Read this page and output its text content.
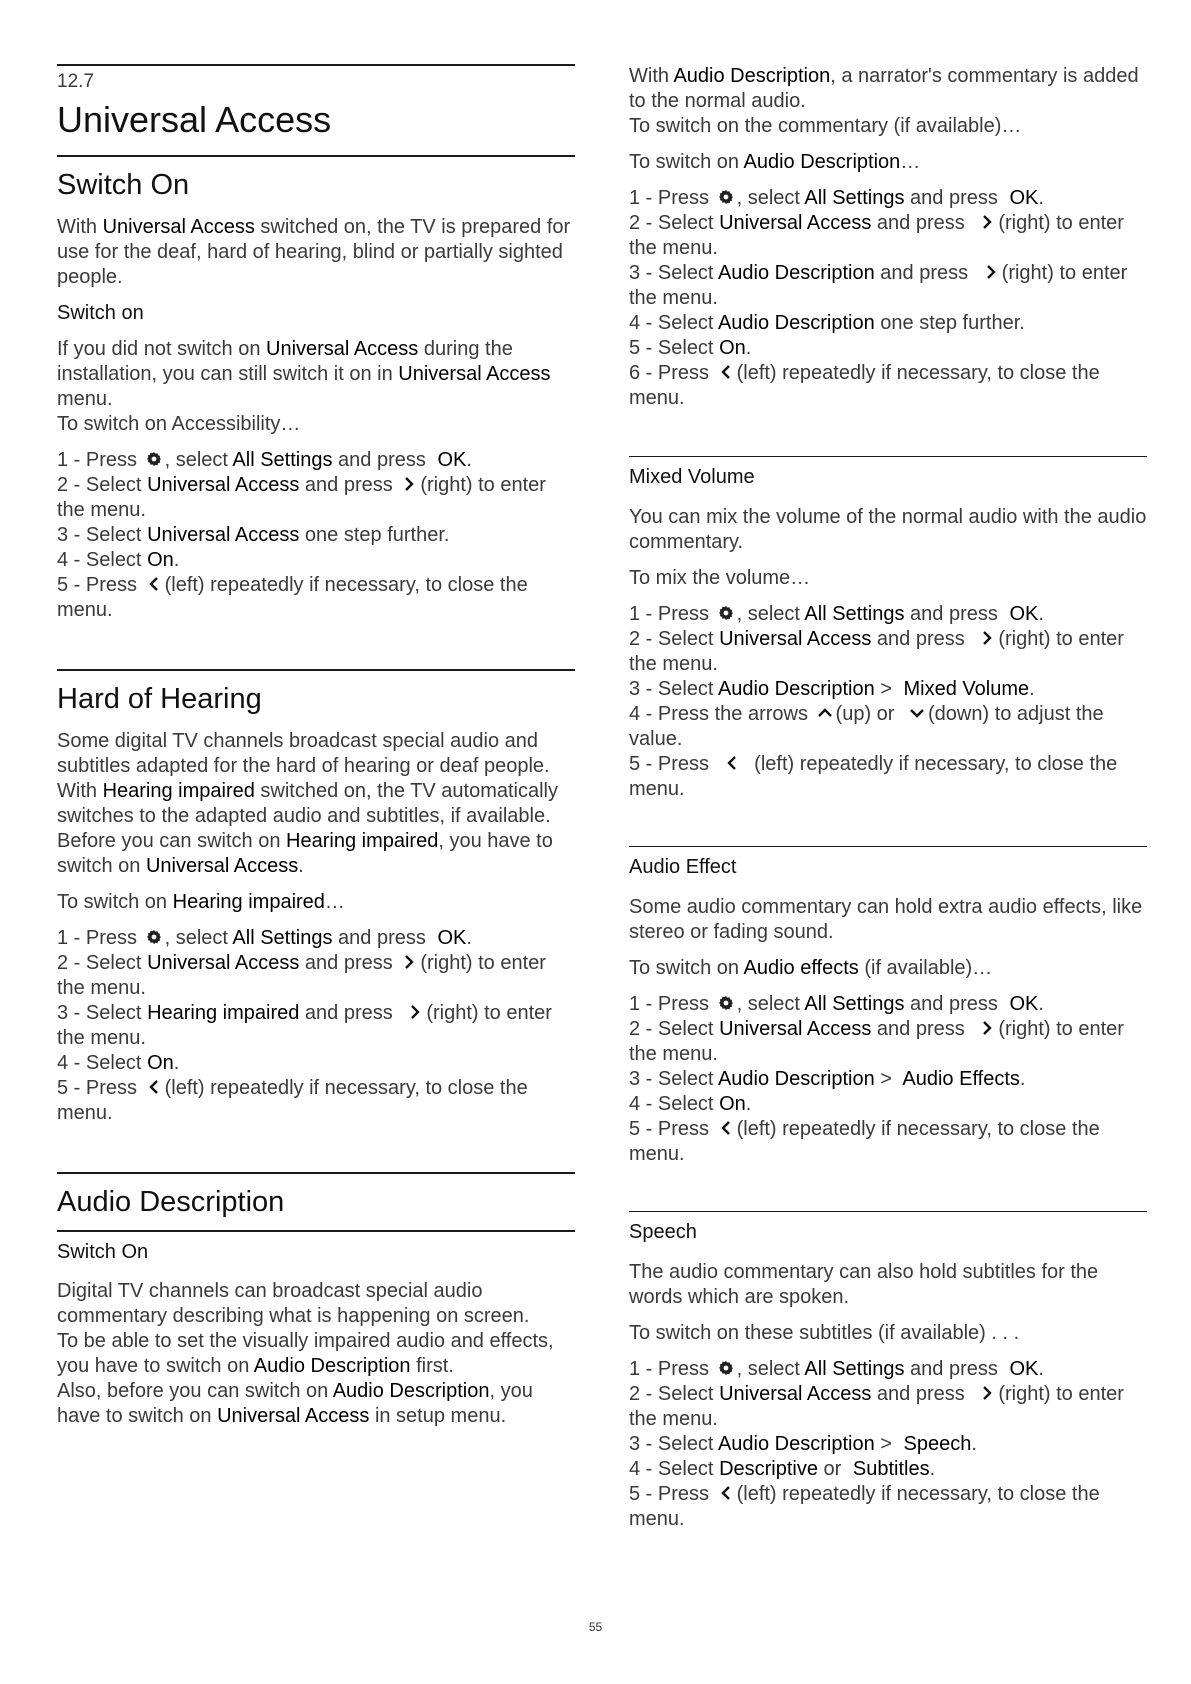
12.7
Universal Access
Switch On

With Universal Access switched on, the TV is prepared for use for the deaf, hard of hearing, blind or partially sighted people.

Switch on

If you did not switch on Universal Access during the installation, you can still switch it on in Universal Access menu.

To switch on Accessibility…

1 - Press , select All Settings and press OK.

2 - Select Universal Access and press (right) to enter the menu.

3 - Select Universal Access one step further.

4 - Select On.

5 - Press (left) repeatedly if necessary, to close the menu.

Hard of Hearing

Some digital TV channels broadcast special audio and subtitles adapted for the hard of hearing or deaf people. With Hearing impaired switched on, the TV automatically switches to the adapted audio and subtitles, if available. Before you can switch on Hearing impaired, you have to switch on Universal Access.

To switch on Hearing impaired…

1 - Press , select All Settings and press OK.

2 - Select Universal Access and press (right) to enter the menu.

3 - Select Hearing impaired and press (right) to enter the menu.

4 - Select On.

5 - Press (left) repeatedly if necessary, to close the menu.

Audio Description
Switch On

Digital TV channels can broadcast special audio commentary describing what is happening on screen.

To be able to set the visually impaired audio and effects, you have to switch on Audio Description first.

Also, before you can switch on Audio Description, you have to switch on Universal Access in setup menu.

With Audio Description, a narrator's commentary is added to the normal audio.

To switch on the commentary (if available)…

To switch on Audio Description…

1 - Press , select All Settings and press OK.

2 - Select Universal Access and press (right) to enter the menu.

3 - Select Audio Description and press (right) to enter the menu.

4 - Select Audio Description one step further.

5 - Select On.

6 - Press (left) repeatedly if necessary, to close the menu.

Mixed Volume

You can mix the volume of the normal audio with the audio commentary.

To mix the volume…

1 - Press , select All Settings and press OK.

2 - Select Universal Access and press (right) to enter the menu.

3 - Select Audio Description > Mixed Volume.

4 - Press the arrows (up) or (down) to adjust the value.

5 - Press (left) repeatedly if necessary, to close the menu.

Audio Effect

Some audio commentary can hold extra audio effects, like stereo or fading sound.

To switch on Audio effects (if available)…

1 - Press , select All Settings and press OK.

2 - Select Universal Access and press (right) to enter the menu.

3 - Select Audio Description > Audio Effects.

4 - Select On.

5 - Press (left) repeatedly if necessary, to close the menu.

Speech

The audio commentary can also hold subtitles for the words which are spoken.

To switch on these subtitles (if available) . . .

1 - Press , select All Settings and press OK.

2 - Select Universal Access and press (right) to enter the menu.

3 - Select Audio Description > Speech.

4 - Select Descriptive or Subtitles.

5 - Press (left) repeatedly if necessary, to close the menu.

55
